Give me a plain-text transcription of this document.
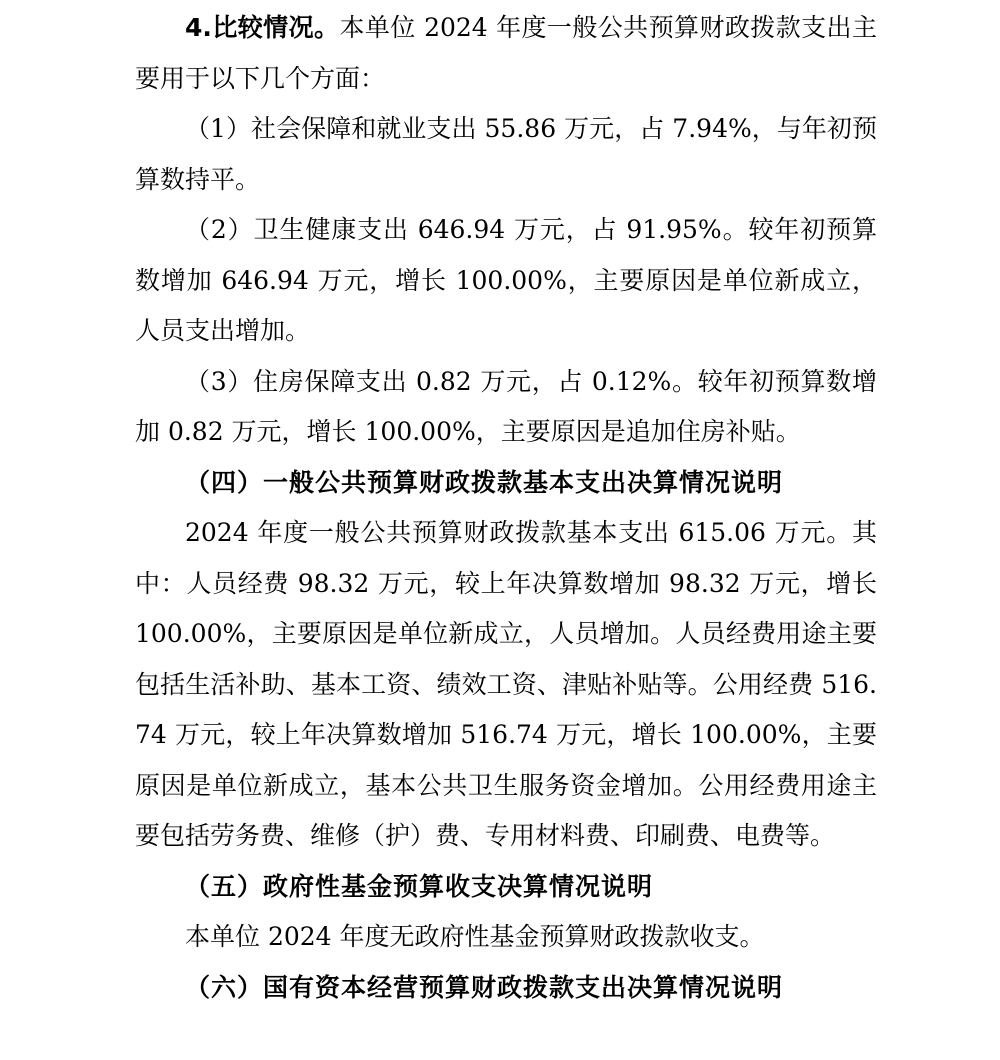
4.比较情况。本单位 2024 年度一般公共预算财政拨款支出主要用于以下几个方面：

（1）社会保障和就业支出 55.86 万元，占 7.94%，与年初预算数持平。

（2）卫生健康支出 646.94 万元，占 91.95%。较年初预算数增加 646.94 万元，增长 100.00%，主要原因是单位新成立，人员支出增加。

（3）住房保障支出 0.82 万元，占 0.12%。较年初预算数增加 0.82 万元，增长 100.00%，主要原因是追加住房补贴。

（四）一般公共预算财政拨款基本支出决算情况说明

2024 年度一般公共预算财政拨款基本支出 615.06 万元。其中：人员经费 98.32 万元，较上年决算数增加 98.32 万元，增长 100.00%，主要原因是单位新成立，人员增加。人员经费用途主要包括生活补助、基本工资、绩效工资、津贴补贴等。公用经费 516.74 万元，较上年决算数增加 516.74 万元，增长 100.00%，主要原因是单位新成立，基本公共卫生服务资金增加。公用经费用途主要包括劳务费、维修（护）费、专用材料费、印刷费、电费等。

（五）政府性基金预算收支决算情况说明

本单位 2024 年度无政府性基金预算财政拨款收支。

（六）国有资本经营预算财政拨款支出决算情况说明
